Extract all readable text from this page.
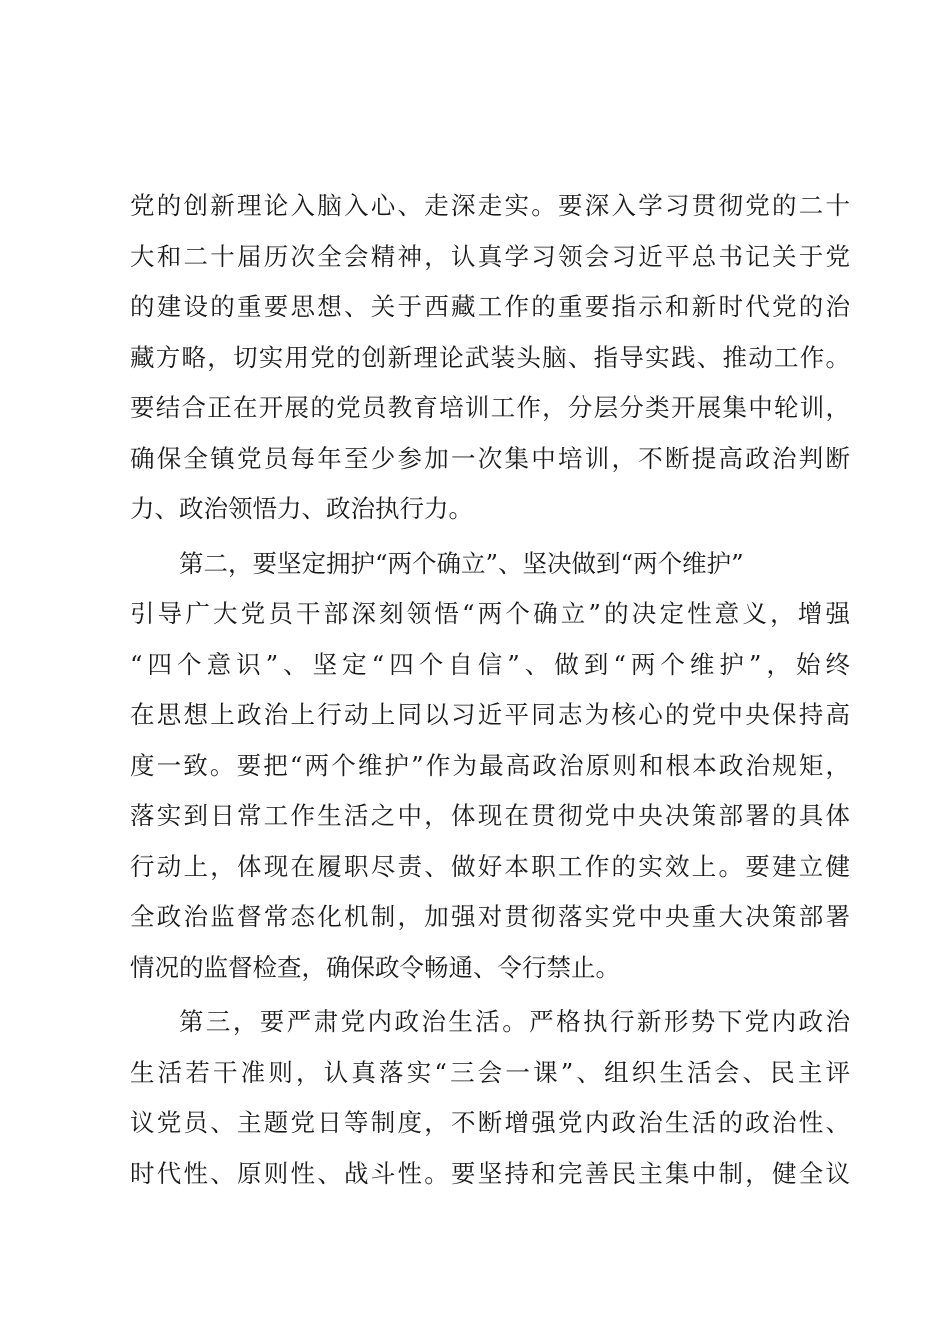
党的创新理论入脑入心、走深走实。要深入学习贯彻党的二十
大和二十届历次全会精神，认真学习领会习近平总书记关于党
的建设的重要思想、关于西藏工作的重要指示和新时代党的治
藏方略，切实用党的创新理论武装头脑、指导实践、推动工作。
要结合正在开展的党员教育培训工作，分层分类开展集中轮训，
确保全镇党员每年至少参加一次集中培训，不断提高政治判断
力、政治领悟力、政治执行力。
第二，要坚定拥护“两个确立”、坚决做到“两个维护”
引导广大党员干部深刻领悟“两个确立”的决定性意义，增强
“四个意识”、坚定“四个自信”、做到“两个维护”，始终
在思想上政治上行动上同以习近平同志为核心的党中央保持高
度一致。要把“两个维护”作为最高政治原则和根本政治规矩，
落实到日常工作生活之中，体现在贯彻党中央决策部署的具体
行动上，体现在履职尽责、做好本职工作的实效上。要建立健
全政治监督常态化机制，加强对贯彻落实党中央重大决策部署
情况的监督检查，确保政令畅通、令行禁止。
第三，要严肃党内政治生活。严格执行新形势下党内政治
生活若干准则，认真落实“三会一课”、组织生活会、民主评
议党员、主题党日等制度，不断增强党内政治生活的政治性、
时代性、原则性、战斗性。要坚持和完善民主集中制，健全议
